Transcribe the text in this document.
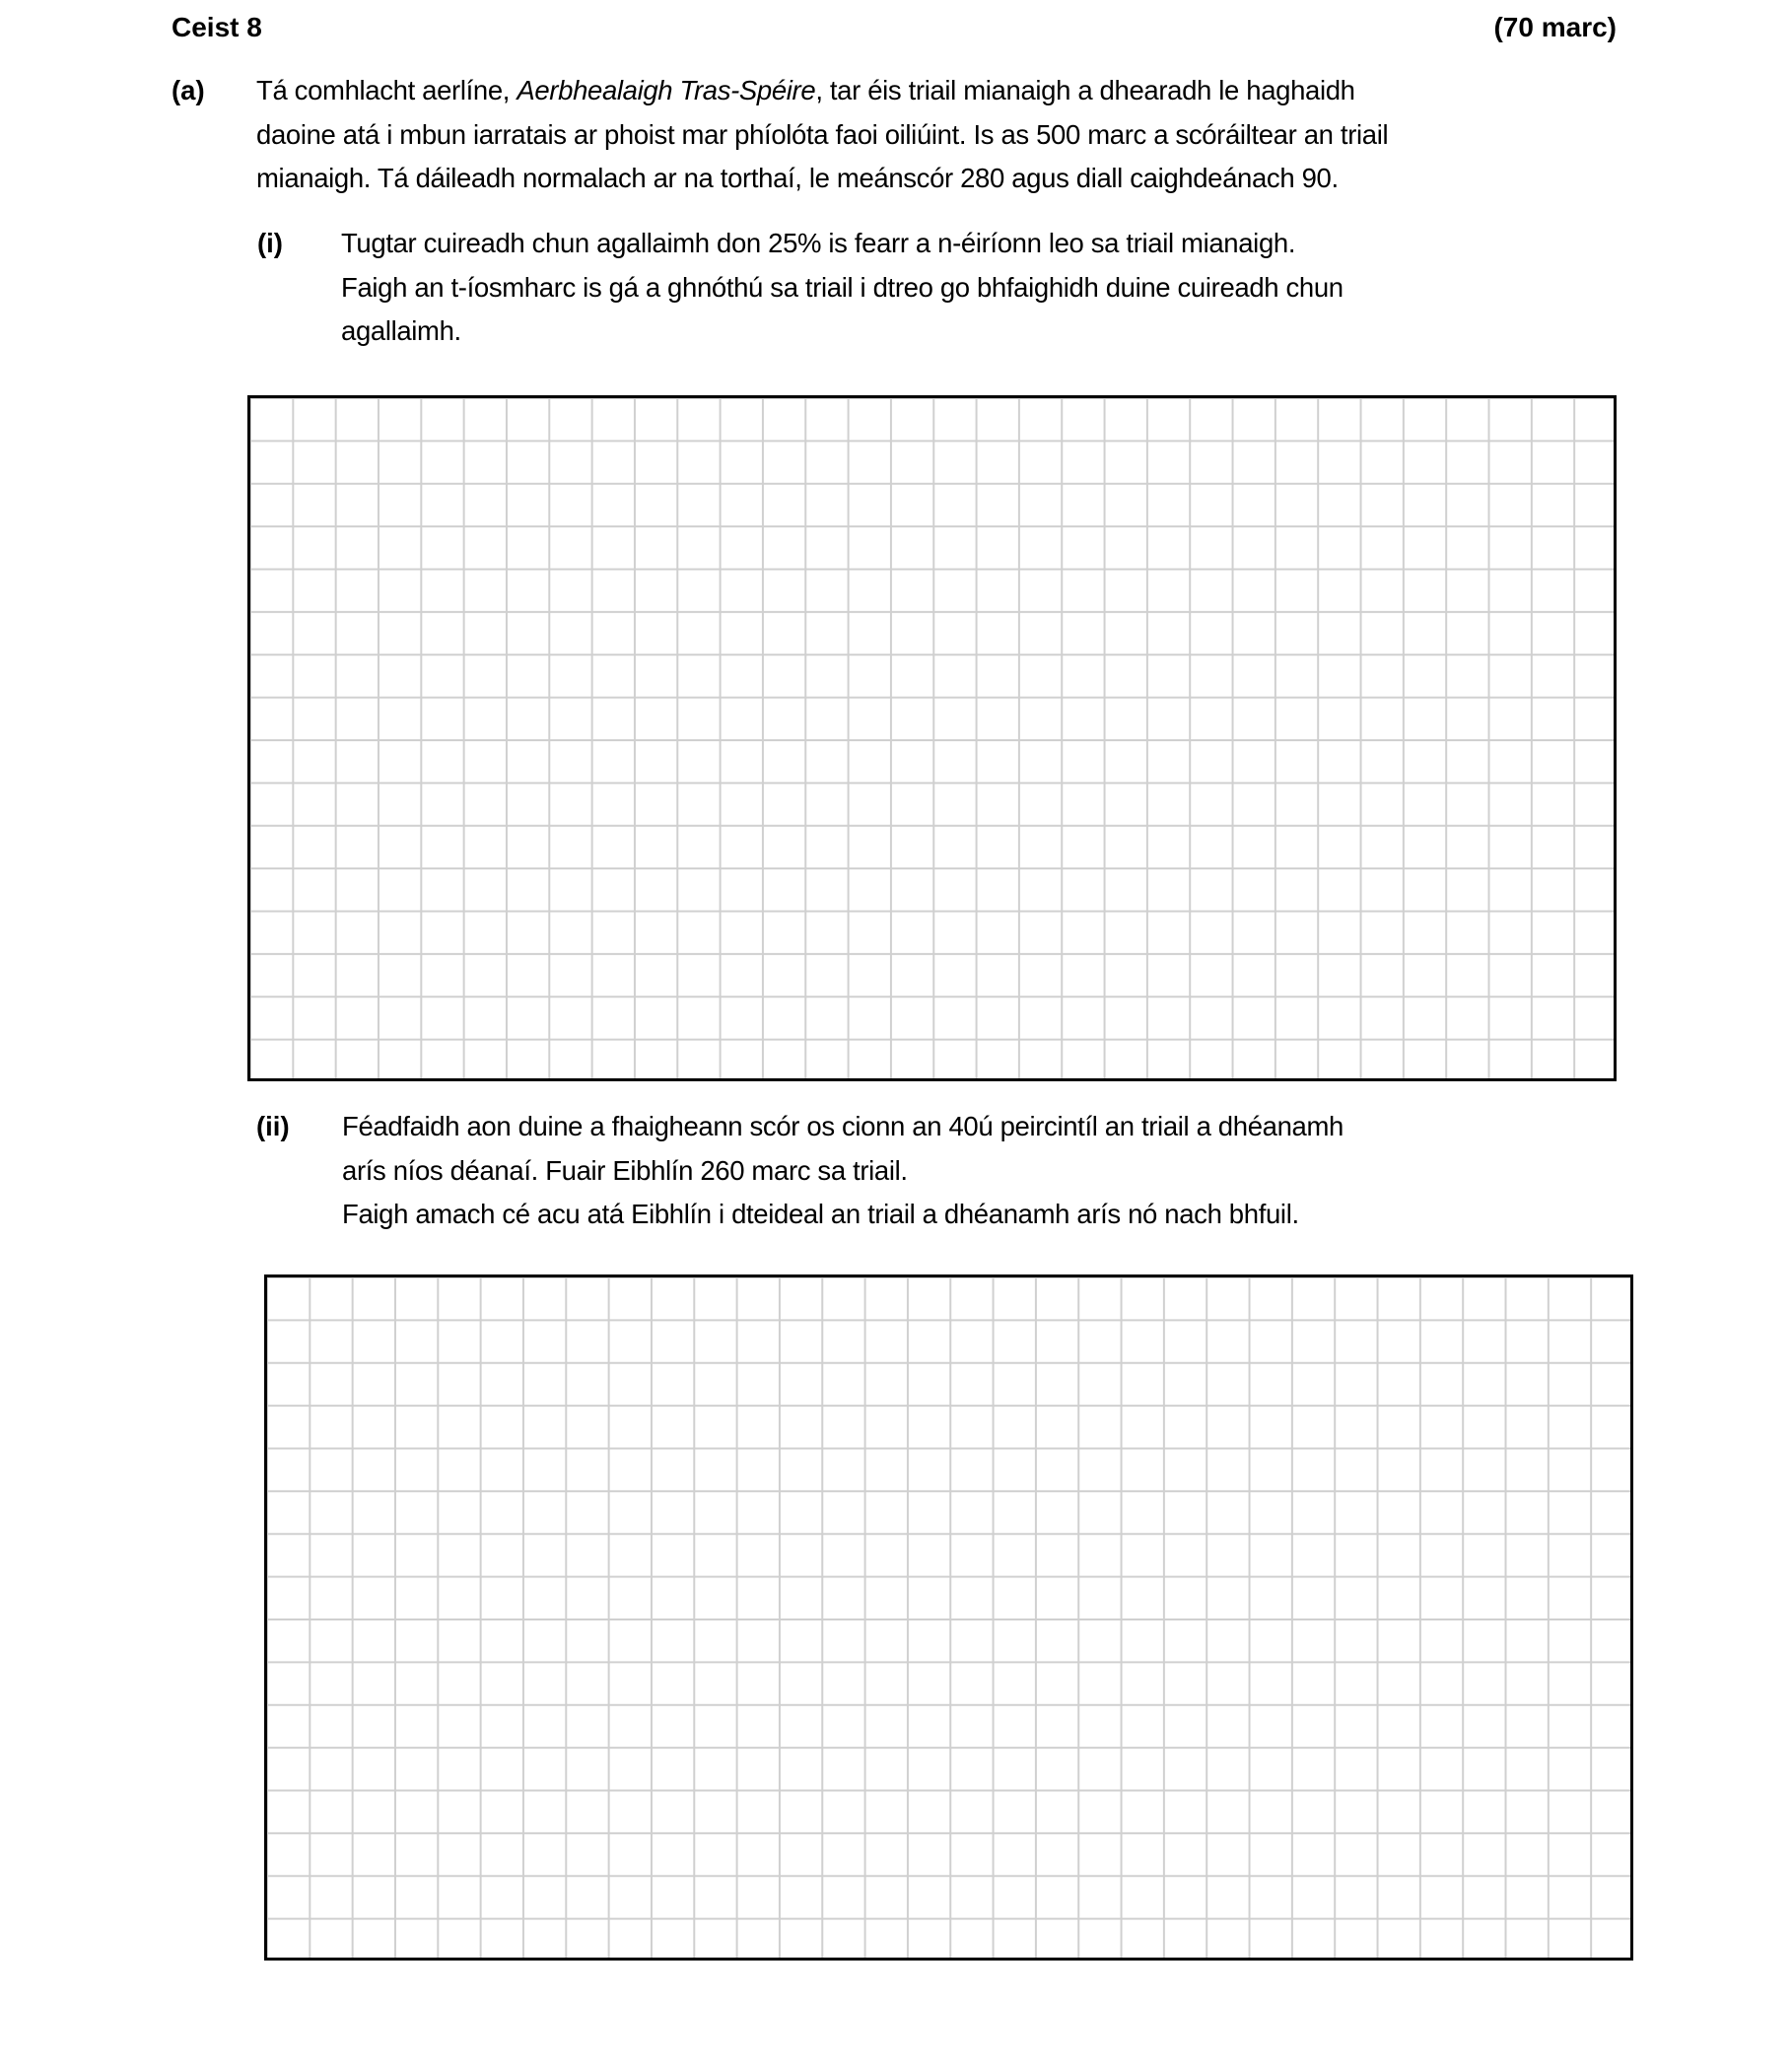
Ceist 8	(70 marc)
(a) Tá comhlacht aerlíne, Aerbhealaigh Tras-Spéire, tar éis triail mianaigh a dhearadh le haghaidh
daoine atá i mbun iarratais ar phoist mar phíolóta faoi oiliúint. Is as 500 marc a scóráiltear an triail
mianaigh. Tá dáileadh normalach ar na torthaí, le meánscór 280 agus diall caighdeánach 90.
(i) Tugtar cuireadh chun agallaimh don 25% is fearr a n-éiríonn leo sa triail mianaigh.
Faigh an t-íosmharc is gá a ghnóthú sa triail i dtreo go bhfaighidh duine cuireadh chun
agallaimh.
(ii) Féadfaidh aon duine a fhaigheann scór os cionn an 40ú peircintíl an triail a dhéanamh
arís níos déanaí. Fuair Eibhlín 260 marc sa triail.
Faigh amach cé acu atá Eibhlín i dteideal an triail a dhéanamh arís nó nach bhfuil.
